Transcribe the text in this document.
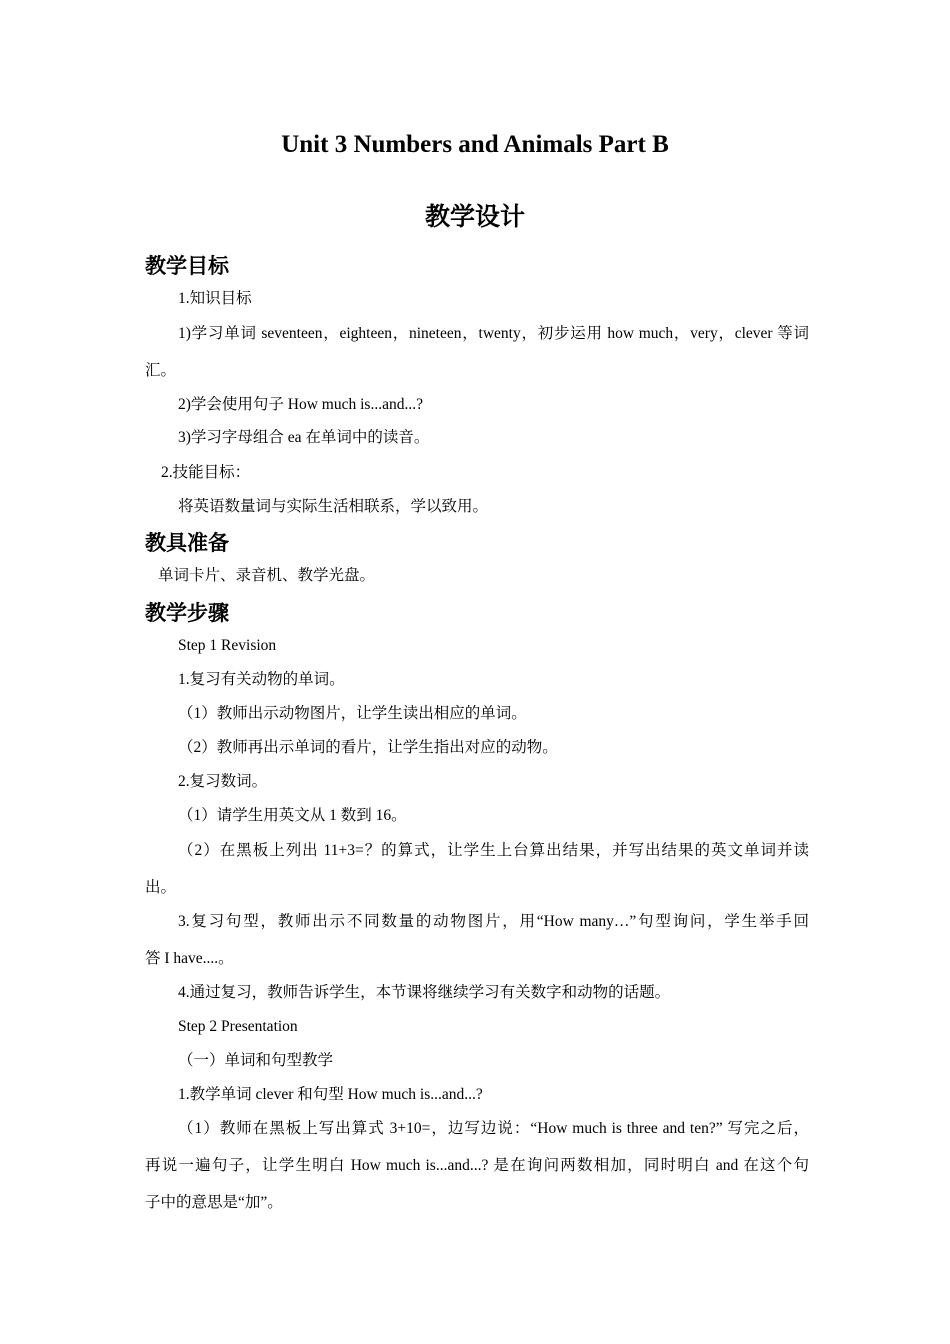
Unit 3 Numbers and Animals Part B
教学设计
教学目标
1.知识目标
1)学习单词 seventeen，eighteen，nineteen，twenty，初步运用 how much，very，clever 等词
汇。
2)学会使用句子 How much is...and...?
3)学习字母组合 ea 在单词中的读音。
2.技能目标：
将英语数量词与实际生活相联系，学以致用。
教具准备
单词卡片、录音机、教学光盘。
教学步骤
Step 1 Revision
1.复习有关动物的单词。
（1）教师出示动物图片，让学生读出相应的单词。
（2）教师再出示单词的看片，让学生指出对应的动物。
2.复习数词。
（1）请学生用英文从 1 数到 16。
（2）在黑板上列出 11+3=？的算式，让学生上台算出结果，并写出结果的英文单词并读
出。
3.复习句型，教师出示不同数量的动物图片，用“How many…”句型询问，学生举手回
答 I have....。
4.通过复习，教师告诉学生，本节课将继续学习有关数字和动物的话题。
Step 2 Presentation
（一）单词和句型教学
1.教学单词 clever 和句型 How much is...and...?
（1）教师在黑板上写出算式 3+10=，边写边说：“How much is three and ten?” 写完之后，
再说一遍句子，让学生明白 How much is...and...? 是在询问两数相加，同时明白 and 在这个句
子中的意思是“加”。
